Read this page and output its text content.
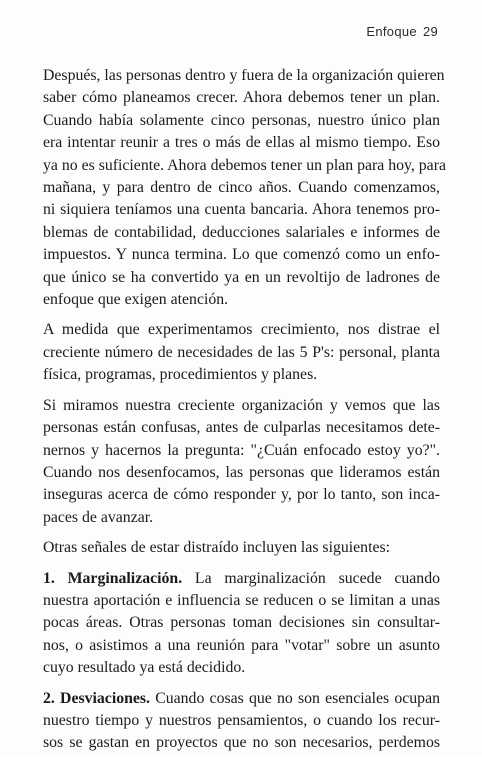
Enfoque 29

Después, las personas dentro y fuera de la organización quieren
saber cómo planeamos crecer. Ahora debemos tener un plan.
Cuando había solamente cinco personas, nuestro único plan
era intentar reunir a tres o más de ellas al mismo tiempo. Eso
ya no es suficiente. Ahora debemos tener un plan para hoy, para
mañana, y para dentro de cinco años. Cuando comenzamos,
ni siquiera teníamos una cuenta bancaria. Ahora tenemos pro-
blemas de contabilidad, deducciones salariales e informes de
impuestos. Y nunca termina. Lo que comenzó como un enfo-
que único se ha convertido ya en un revoltijo de ladrones de
enfoque que exigen atención.

A medida que experimentamos crecimiento, nos distrae el
creciente número de necesidades de las 5 P's: personal, planta
física, programas, procedimientos y planes.

Si miramos nuestra creciente organización y vemos que las
personas están confusas, antes de culparlas necesitamos dete-
nernos y hacernos la pregunta: "¿Cuán enfocado estoy yo?".
Cuando nos desenfocamos, las personas que lideramos están
inseguras acerca de cómo responder y, por lo tanto, son inca-
paces de avanzar.

Otras señales de estar distraído incluyen las siguientes:

1. Marginalización. La marginalización sucede cuando
nuestra aportación e influencia se reducen o se limitan a unas
pocas áreas. Otras personas toman decisiones sin consultar-
nos, o asistimos a una reunión para "votar" sobre un asunto
cuyo resultado ya está decidido.

2. Desviaciones. Cuando cosas que no son esenciales ocupan
nuestro tiempo y nuestros pensamientos, o cuando los recur-
sos se gastan en proyectos que no son necesarios, perdemos
